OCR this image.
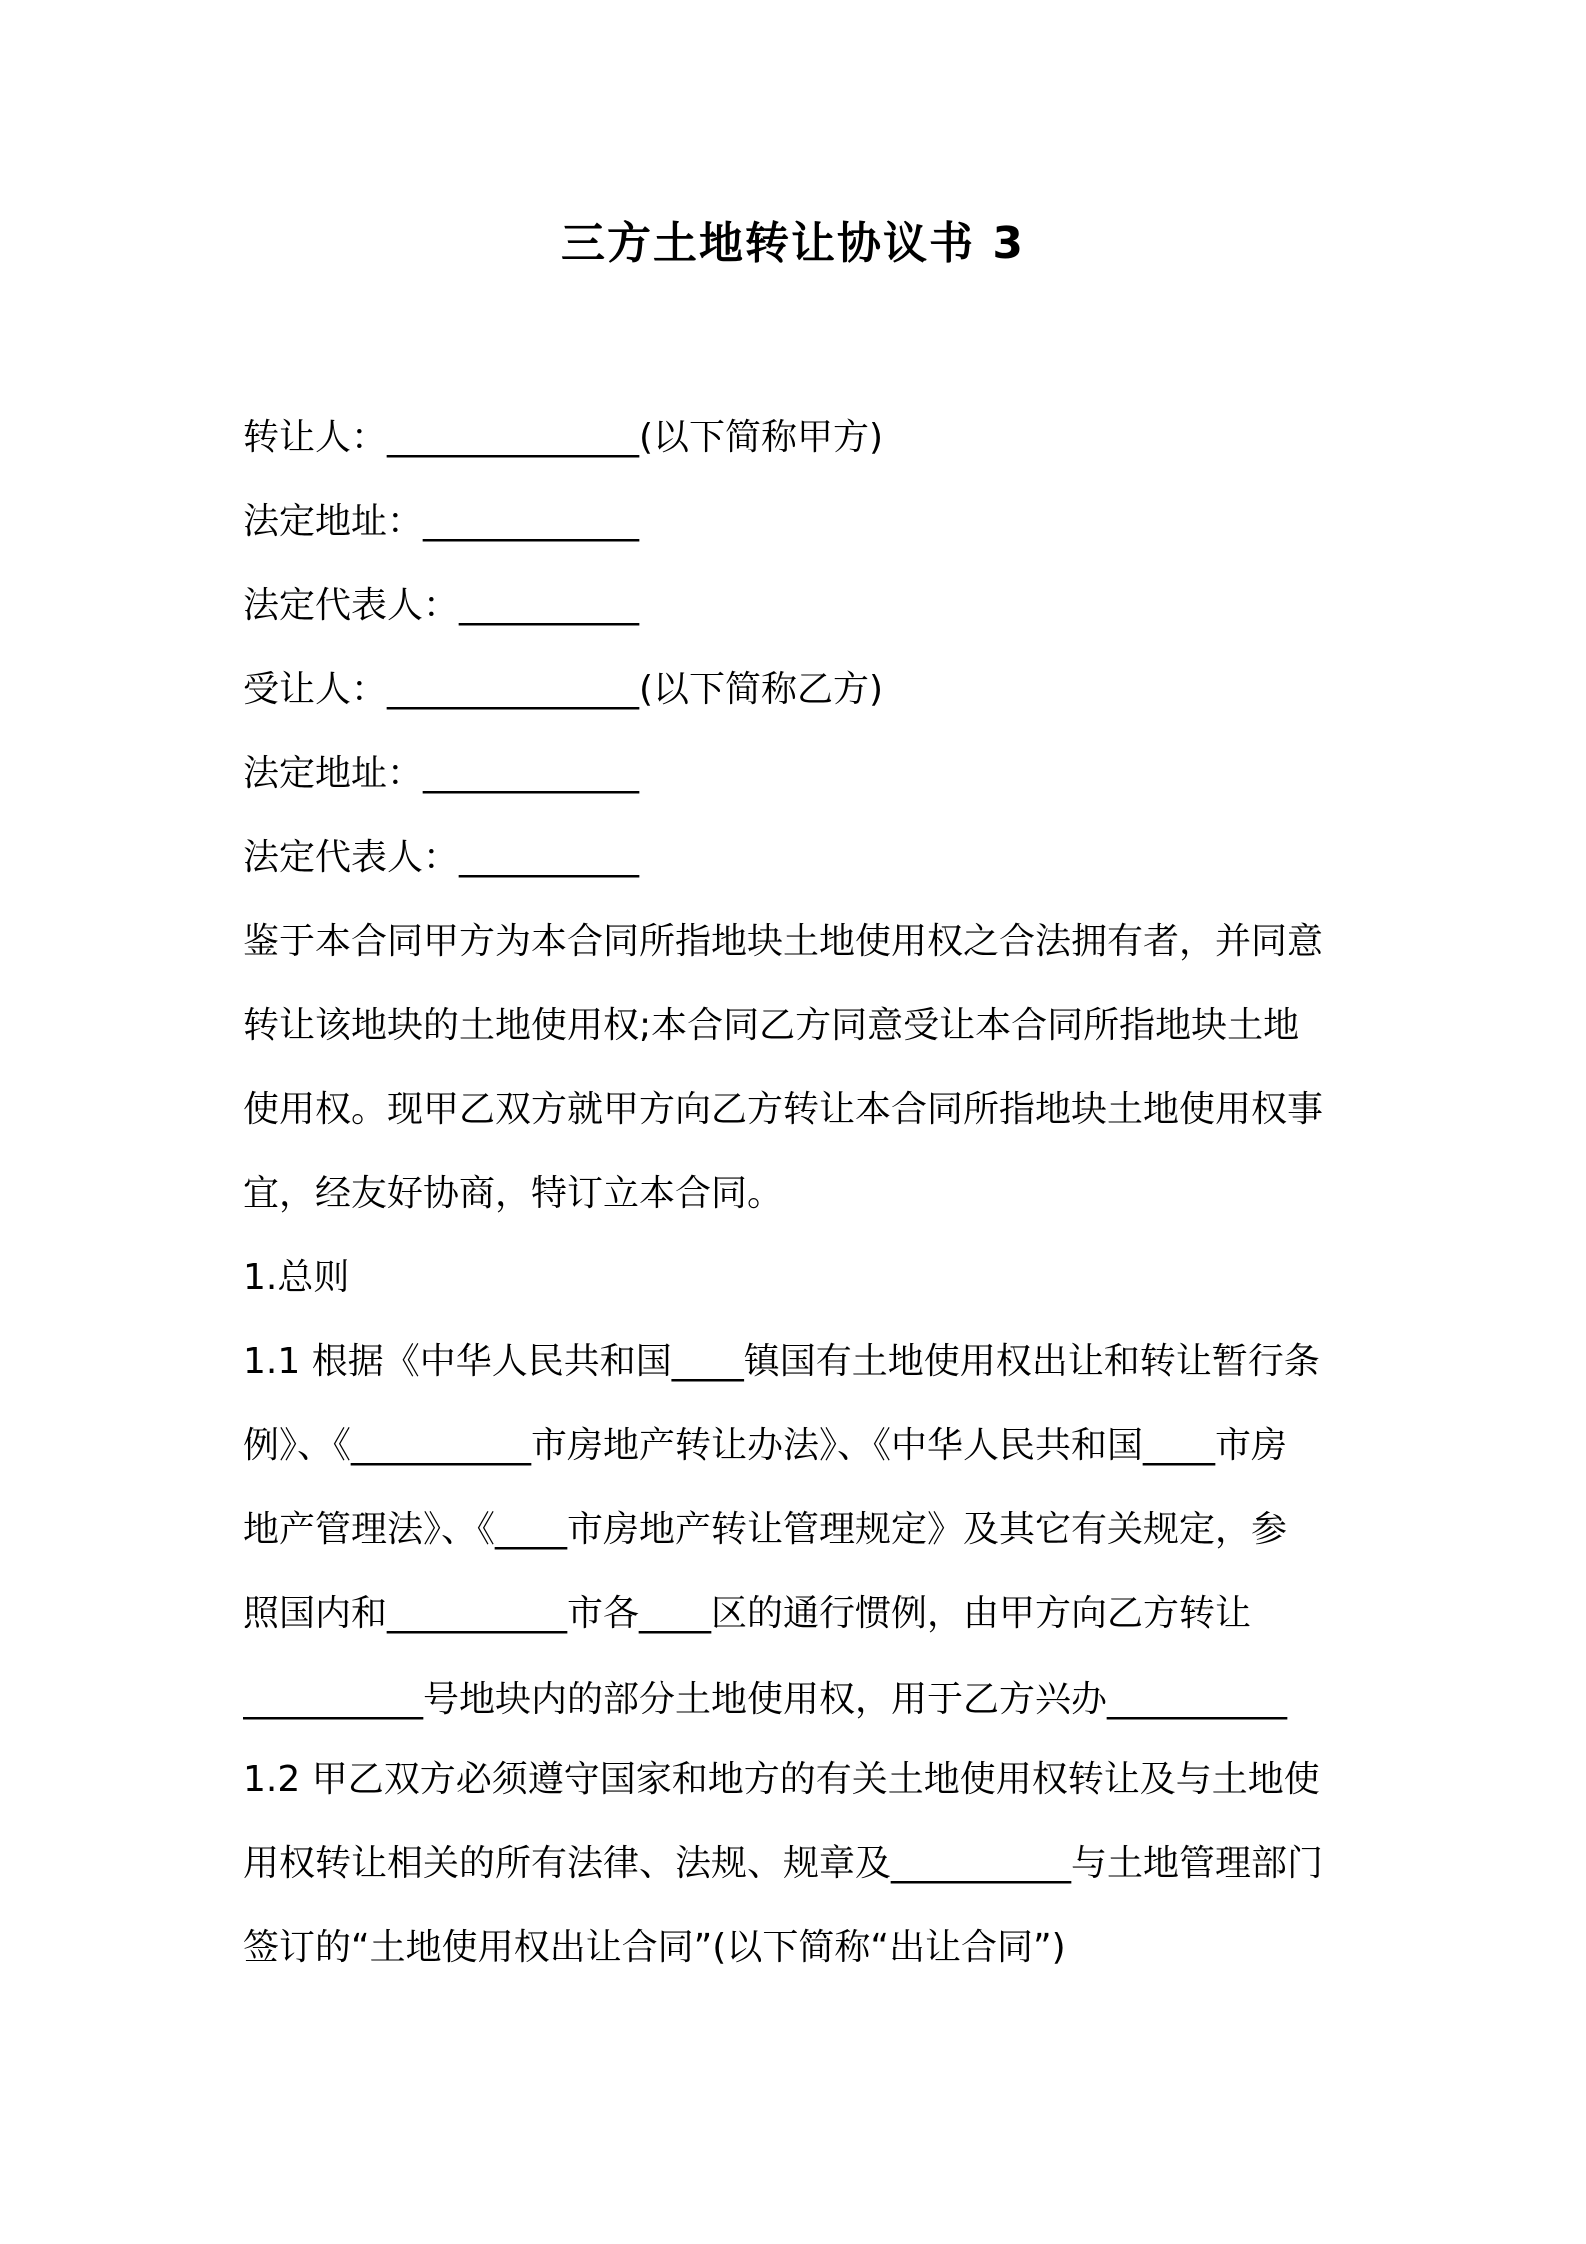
三方土地转让协议书 3
转让人：______________(以下简称甲方)
法定地址：____________
法定代表人：__________
受让人：______________(以下简称乙方)
法定地址：____________
法定代表人：__________
鉴于本合同甲方为本合同所指地块土地使用权之合法拥有者，并同意
转让该地块的土地使用权;本合同乙方同意受让本合同所指地块土地
使用权。现甲乙双方就甲方向乙方转让本合同所指地块土地使用权事
宜，经友好协商，特订立本合同。
1.总则
1.1 根据《中华人民共和国____镇国有土地使用权出让和转让暂行条
例》、《__________市房地产转让办法》、《中华人民共和国____市房
地产管理法》、《____市房地产转让管理规定》及其它有关规定，参
照国内和__________市各____区的通行惯例，由甲方向乙方转让
__________号地块内的部分土地使用权，用于乙方兴办__________
1.2 甲乙双方必须遵守国家和地方的有关土地使用权转让及与土地使
用权转让相关的所有法律、法规、规章及__________与土地管理部门
签订的“土地使用权出让合同”(以下简称“出让合同”)
